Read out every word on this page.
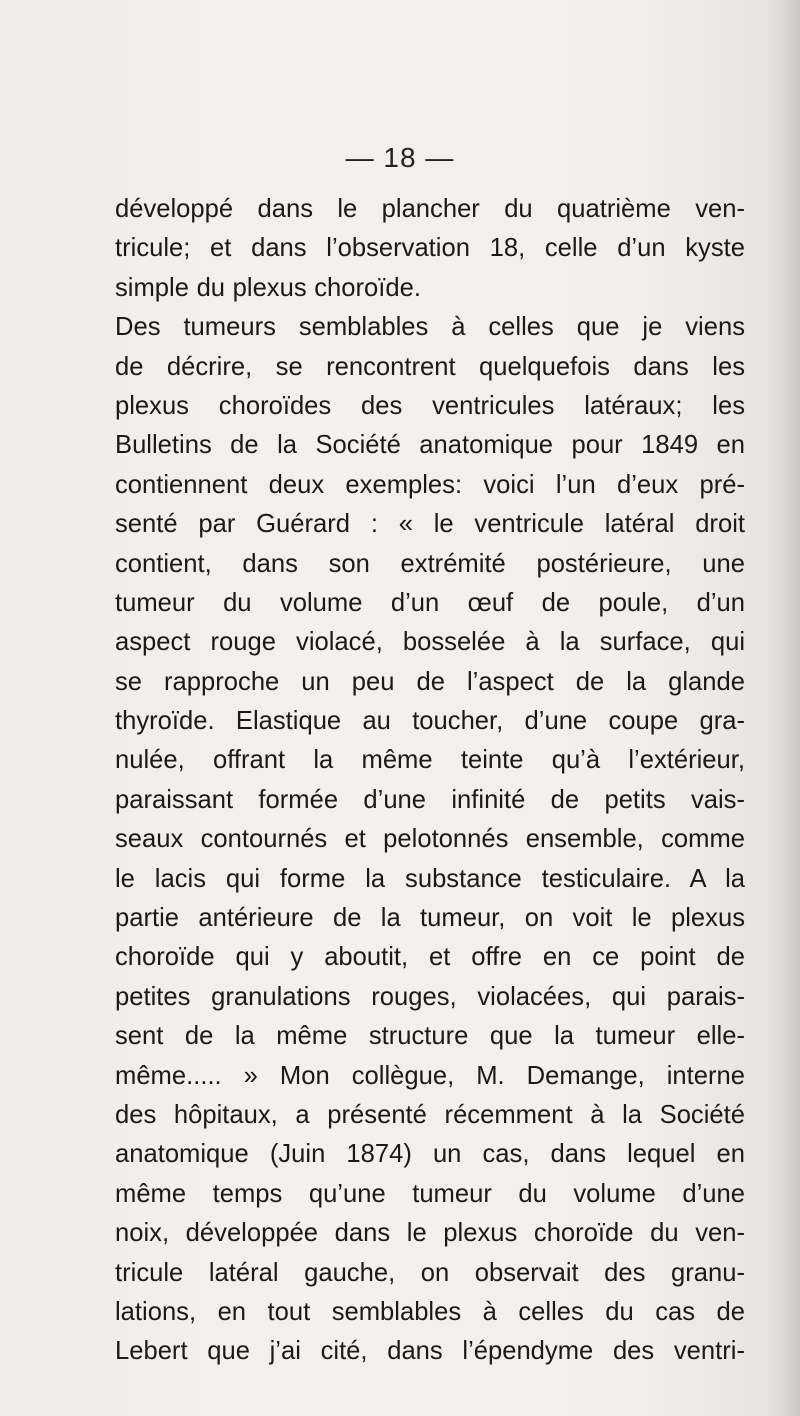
— 18 —
développé dans le plancher du quatrième ven-
tricule; et dans l’observation 18, celle d’un kyste
simple du plexus choroïde.
Des tumeurs semblables à celles que je viens
de décrire, se rencontrent quelquefois dans les
plexus choroïdes des ventricules latéraux; les
Bulletins de la Société anatomique pour 1849 en
contiennent deux exemples: voici l’un d’eux pré-
senté par Guérard : « le ventricule latéral droit
contient, dans son extrémité postérieure, une
tumeur du volume d’un œuf de poule, d’un
aspect rouge violacé, bosselée à la surface, qui
se rapproche un peu de l’aspect de la glande
thyroïde. Elastique au toucher, d’une coupe gra-
nulée, offrant la même teinte qu’à l’extérieur,
paraissant formée d’une infinité de petits vais-
seaux contournés et pelotonnés ensemble, comme
le lacis qui forme la substance testiculaire. A la
partie antérieure de la tumeur, on voit le plexus
choroïde qui y aboutit, et offre en ce point de
petites granulations rouges, violacées, qui parais-
sent de la même structure que la tumeur elle-
même..... » Mon collègue, M. Demange, interne
des hôpitaux, a présenté récemment à la Société
anatomique (Juin 1874) un cas, dans lequel en
même temps qu’une tumeur du volume d’une
noix, développée dans le plexus choroïde du ven-
tricule latéral gauche, on observait des granu-
lations, en tout semblables à celles du cas de
Lebert que j’ai cité, dans l’épendyme des ventri-
